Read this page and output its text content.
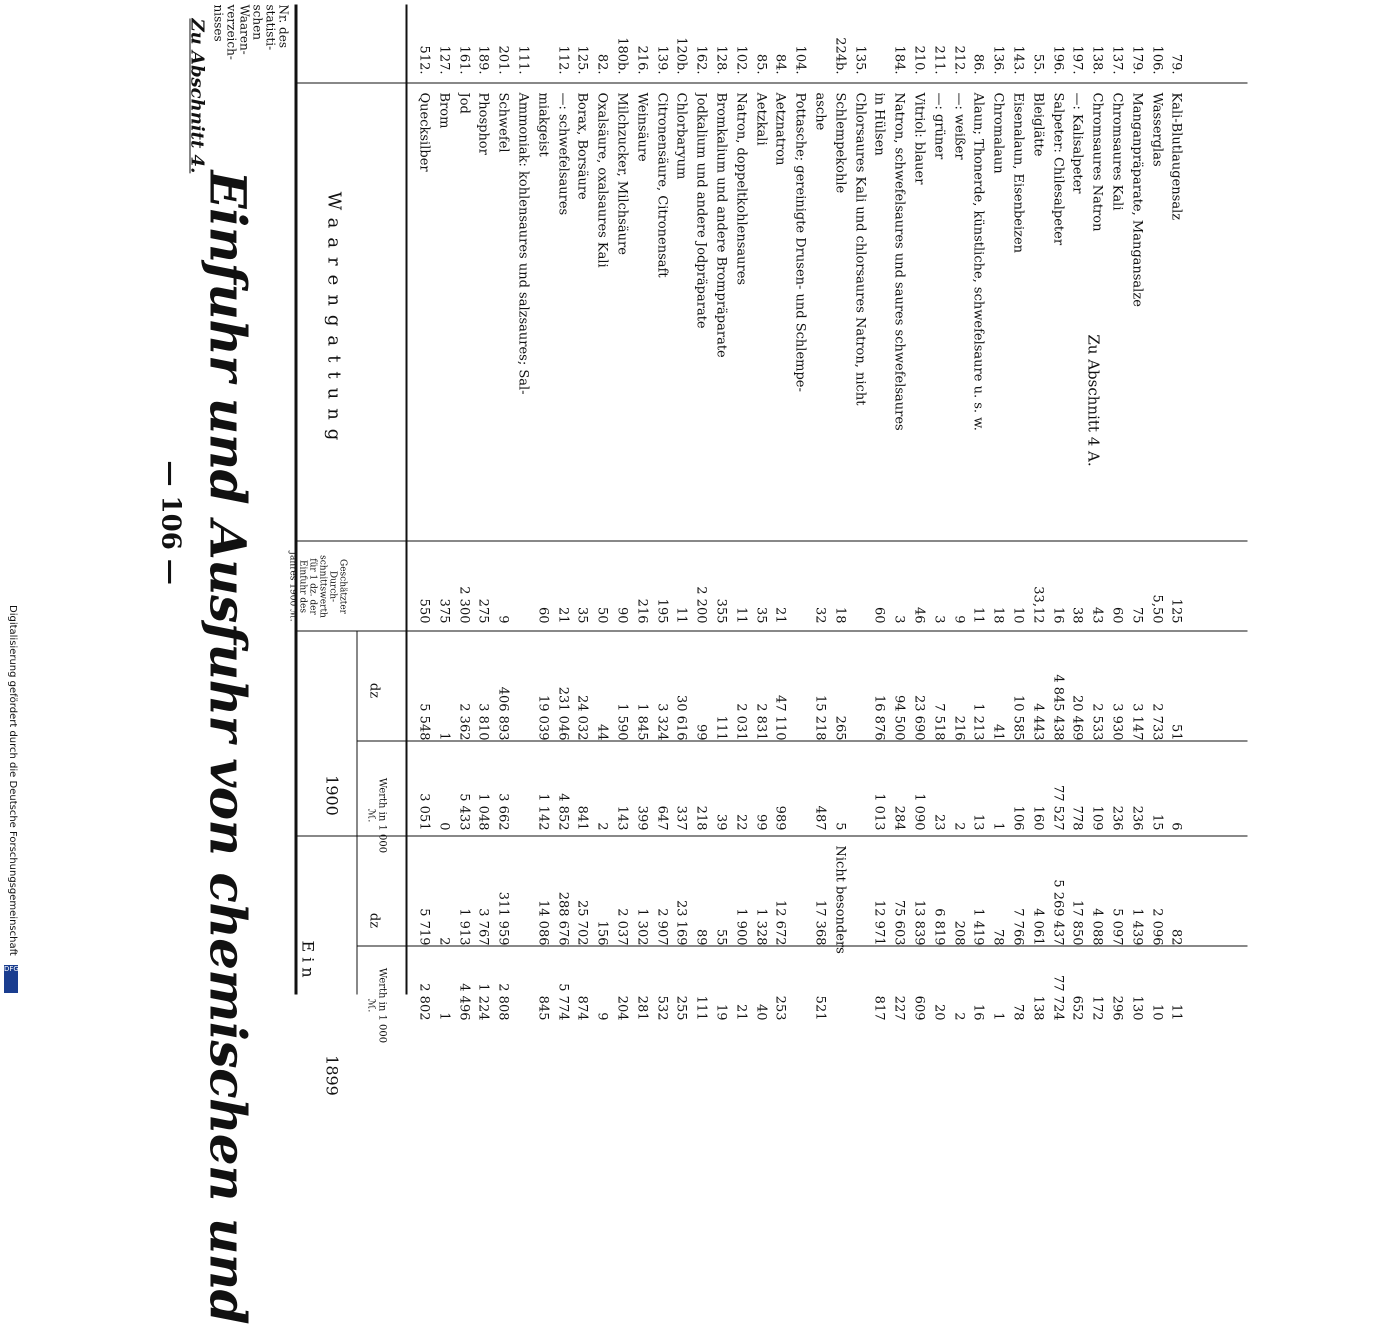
Zu Abschnitt 4.
— 106 — Einfuhr und Ausfuhr von chemischen und	Ein
Nr. des statistischen Waarenverzeichnisses
Waarengattung
Geschätzter Durchschnittswerth für 1 dz. der Einfuhr des Jahres 1900 ℳ.
1900
1899
dz
Werth in 1 000 ℳ.
dz
Werth in 1 000 ℳ.
Zu Abschnitt 4 A.
512.
Quecksilber
550
5 548
3 051
5 719
2 802
127.
Brom
375
1
0
2
1
161.
Jod
2 300
2 362
5 433
1 913
4 496
189.
Phosphor
275
3 810
1 048
3 767
1 224
201.
Schwefel
9
406 893
3 662
311 959
2 808
111.
Ammoniak: kohlensaures und salzsaures; Sal- miakgeist
60
19 039
1 142
14 086
845
112.
—: schwefelsaures
21
231 046
4 852
288 676
5 774
125.
Borax, Borsäure
35
24 032
841
25 702
874
82.
Oxalsäure, oxalsaures Kali
50
44
2
156
9
180b.
Milchzucker, Milchsäure
90
1 590
143
2 037
204
216.
Weinsäure
216
1 845
399
1 302
281
139.
Citronensäure, Citronensaft
195
3 324
647
2 907
532
120b.
Chlorbaryum
11
30 616
337
23 169
255
162.
Jodkalium und andere Jodpräparate
2 200
99
218
89
111
128.
Bromkalium und andere Brompräparate
355
111
39
55
19
102.
Natron, doppeltkohlensaures
11
2 031
22
1 900
21
85.
Aetzkali
35
2 831
99
1 328
40
84.
Aetznatron
21
47 110
989
12 672
253
104.
Pottasche; gereinigte Drusen- und Schlempe- asche
32
15 218
487
17 368
521
224b.
Schlempekohle
18
265
5
Nicht besonders
135.
Chlorsaures Kali und chlorsaures Natron, nicht in Hülsen
60
16 876
1 013
12 971
817
184.
Natron, schwefelsaures und saures schwefelsaures
3
94 500
284
75 603
227
210.
Vitriol: blauer
46
23 690
1 090
13 839
609
211.
—: grüner
3
7 518
23
6 819
20
212.
—: weißer
9
216
2
208
2
86.
Alaun; Thonerde, künstliche, schwefelsaure u. s. w.
11
1 213
13
1 419
16
136.
Chromalaun
18
41
1
78
1
143.
Eisenalaun, Eisenbeizen
10
10 585
106
7 766
78
55.
Bleiglätte
33,12
4 443
160
4 061
138
196.
Salpeter: Chilesalpeter
16
4 845 438
77 527
5 269 437
77 724
197.
—: Kalisalpeter
38
20 469
778
17 850
652
138.
Chromsaures Natron
43
2 533
109
4 088
172
137.
Chromsaures Kali
60
3 930
236
5 097
296
179.
Manganpräparate, Mangansalze
75
3 147
236
1 439
130
106.
Wasserglas
5,50
2 733
15
2 096
10
79.
Kali-Blutlaugensalz
125
51
6
82
11
Digitalisierung gefördert durch die Deutsche Forschungsgemeinschaft
DFG
